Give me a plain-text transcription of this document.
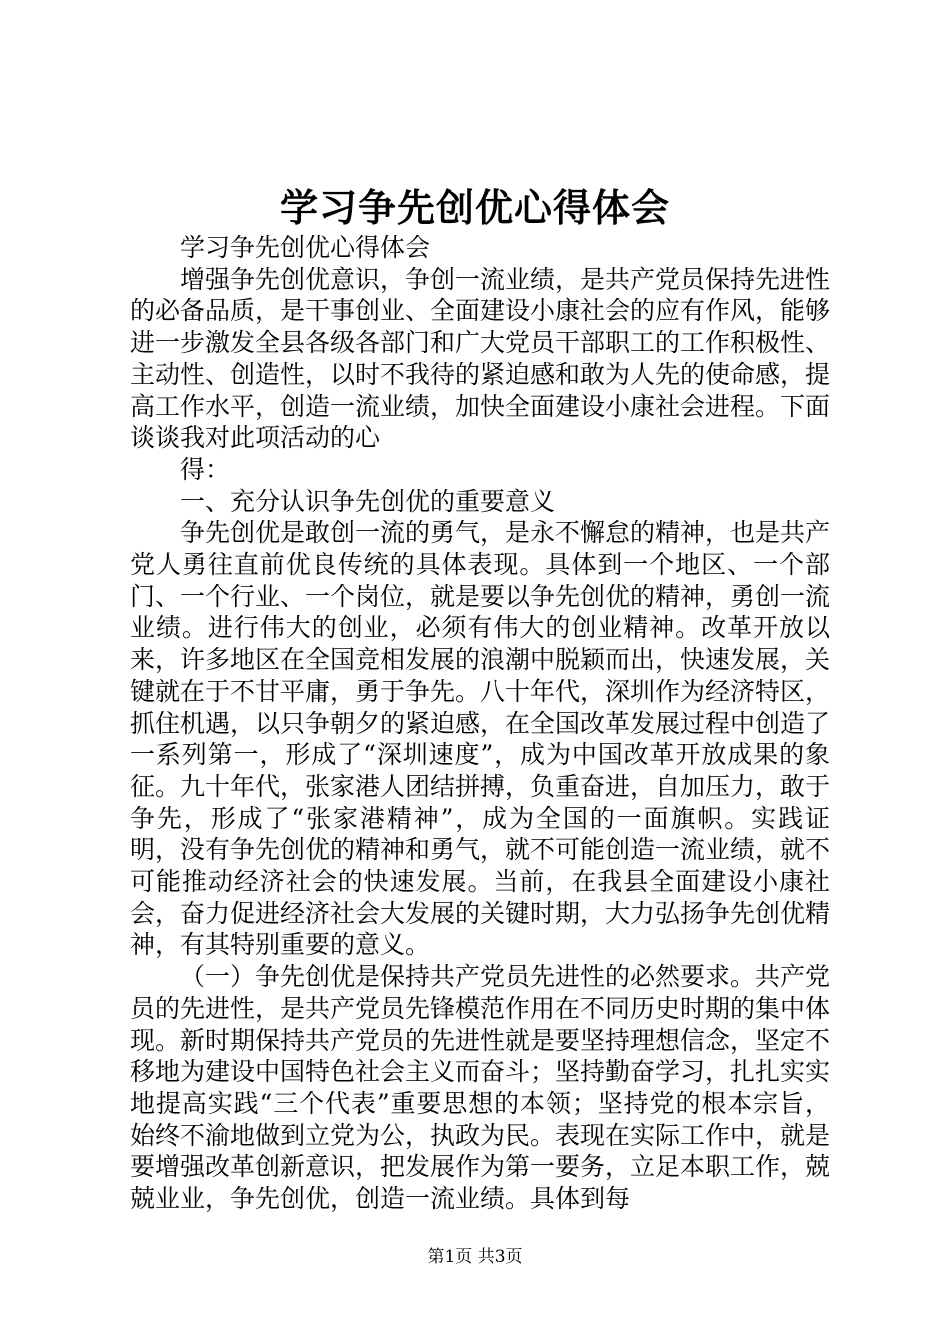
学习争先创优心得体会

学习争先创优心得体会

增强争先创优意识，争创一流业绩，是共产党员保持先进性的必备品质，是干事创业、全面建设小康社会的应有作风，能够进一步激发全县各级各部门和广大党员干部职工的工作积极性、主动性、创造性，以时不我待的紧迫感和敢为人先的使命感，提高工作水平，创造一流业绩，加快全面建设小康社会进程。下面谈谈我对此项活动的心

得：

一、充分认识争先创优的重要意义

争先创优是敢创一流的勇气，是永不懈怠的精神，也是共产党人勇往直前优良传统的具体表现。具体到一个地区、一个部门、一个行业、一个岗位，就是要以争先创优的精神，勇创一流业绩。进行伟大的创业，必须有伟大的创业精神。改革开放以来，许多地区在全国竞相发展的浪潮中脱颖而出，快速发展，关键就在于不甘平庸，勇于争先。八十年代，深圳作为经济特区，抓住机遇，以只争朝夕的紧迫感，在全国改革发展过程中创造了一系列第一，形成了“深圳速度”，成为中国改革开放成果的象征。九十年代，张家港人团结拼搏，负重奋进，自加压力，敢于争先，形成了“张家港精神”，成为全国的一面旗帜。实践证明，没有争先创优的精神和勇气，就不可能创造一流业绩，就不可能推动经济社会的快速发展。当前，在我县全面建设小康社会，奋力促进经济社会大发展的关键时期，大力弘扬争先创优精神，有其特别重要的意义。

（一）争先创优是保持共产党员先进性的必然要求。共产党员的先进性，是共产党员先锋模范作用在不同历史时期的集中体现。新时期保持共产党员的先进性就是要坚持理想信念，坚定不移地为建设中国特色社会主义而奋斗；坚持勤奋学习，扎扎实实地提高实践“三个代表”重要思想的本领；坚持党的根本宗旨，始终不渝地做到立党为公，执政为民。表现在实际工作中，就是要增强改革创新意识，把发展作为第一要务，立足本职工作，兢兢业业，争先创优，创造一流业绩。具体到每

第1页 共3页
